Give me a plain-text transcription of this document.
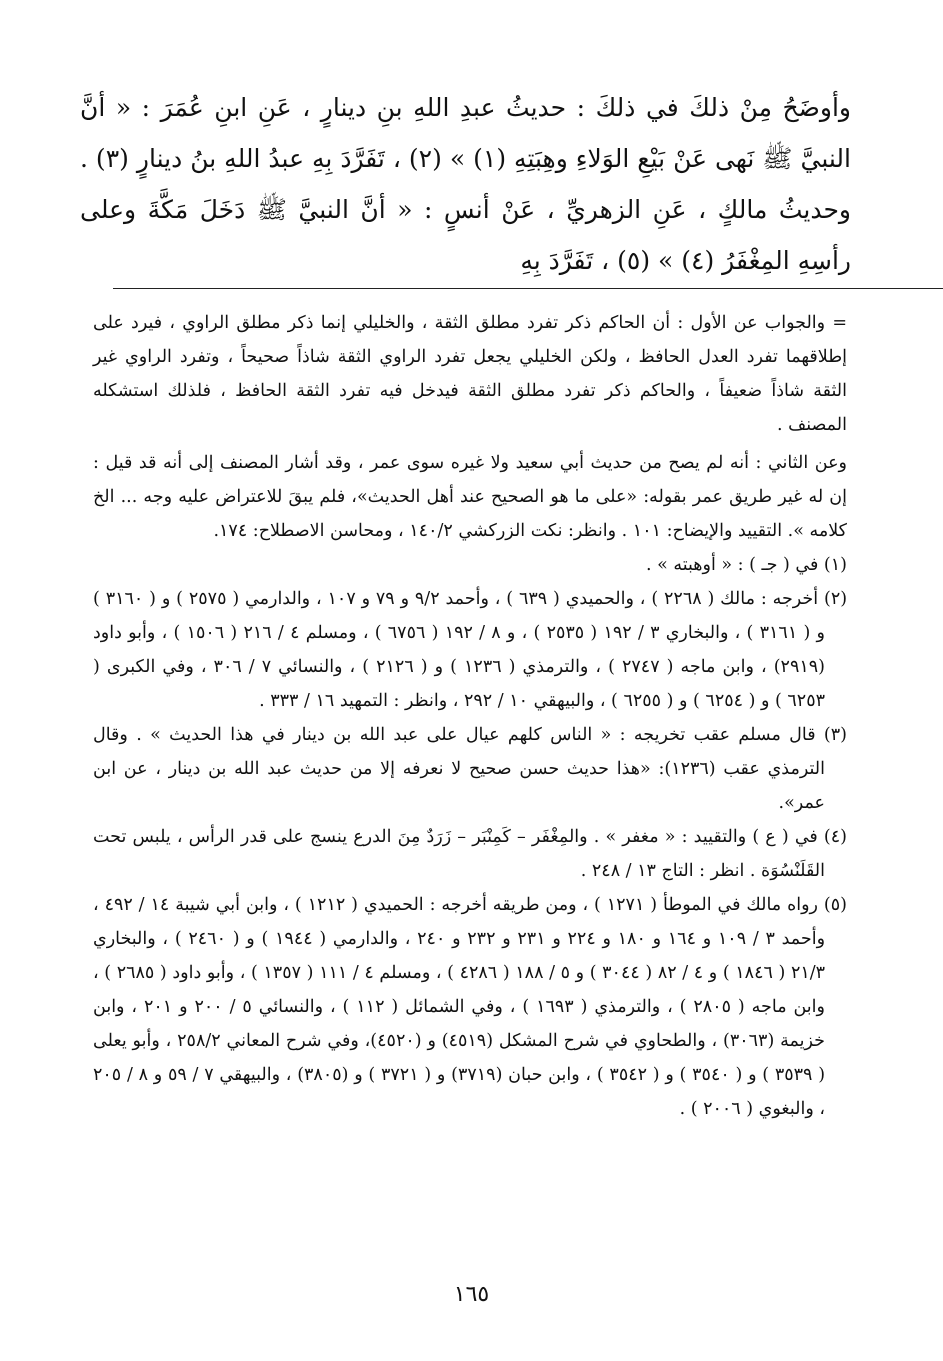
وأوضَحُ مِنْ ذلكَ في ذلكَ : حديثُ عبدِ اللهِ بنِ دينارٍ ، عَنِ ابنِ عُمَرَ : « أنَّ النبيَّ ﷺ نَهى عَنْ بَيْعِ الوَلاءِ وهِبَتِهِ (١) » (٢) ، تَفَرَّدَ بِهِ عبدُ اللهِ بنُ دينارٍ (٣) . وحديثُ مالكٍ ، عَنِ الزهريِّ ، عَنْ أنسٍ : « أنَّ النبيَّ ﷺ دَخَلَ مَكَّةَ وعلى رأسِهِ المِغْفَرُ (٤) » (٥) ، تَفَرَّدَ بِهِ

= والجواب عن الأول : أن الحاكم ذكر تفرد مطلق الثقة ، والخليلي إنما ذكر مطلق الراوي ، فيرد على إطلاقهما تفرد العدل الحافظ ، ولكن الخليلي يجعل تفرد الراوي الثقة شاذاً صحيحاً ، وتفرد الراوي غير الثقة شاذاً ضعيفاً ، والحاكم ذكر تفرد مطلق الثقة فيدخل فيه تفرد الثقة الحافظ ، فلذلك استشكله المصنف .

وعن الثاني : أنه لم يصح من حديث أبي سعيد ولا غيره سوى عمر ، وقد أشار المصنف إلى أنه قد قيل : إن له غير طريق عمر بقوله: «على ما هو الصحيح عند أهل الحديث»، فلم يبقَ للاعتراض عليه وجه ... الخ كلامه ». التقييد والإيضاح: ١٠١ . وانظر: نكت الزركشي ١٤٠/٢ ، ومحاسن الاصطلاح: ١٧٤.

(١) في ( جـ ) : « أوهبته » .

(٢) أخرجه : مالك ( ٢٢٦٨ ) ، والحميدي ( ٦٣٩ ) ، وأحمد ٩/٢ و ٧٩ و ١٠٧ ، والدارمي ( ٢٥٧٥ ) و ( ٣١٦٠ ) و ( ٣١٦١ ) ، والبخاري ٣ / ١٩٢ ( ٢٥٣٥ ) ، و ٨ / ١٩٢ ( ٦٧٥٦ ) ، ومسلم ٤ / ٢١٦ ( ١٥٠٦ ) ، وأبو داود (٢٩١٩) ، وابن ماجه ( ٢٧٤٧ ) ، والترمذي ( ١٢٣٦ ) و ( ٢١٢٦ ) ، والنسائي ٧ / ٣٠٦ ، وفي الكبرى ( ٦٢٥٣ ) و ( ٦٢٥٤ ) و ( ٦٢٥٥ ) ، والبيهقي ١٠ / ٢٩٢ ، وانظر : التمهيد ١٦ / ٣٣٣ .

(٣) قال مسلم عقب تخريجه : « الناس كلهم عيال على عبد الله بن دينار في هذا الحديث » . وقال الترمذي عقب (١٢٣٦): «هذا حديث حسن صحيح لا نعرفه إلا من حديث عبد الله بن دينار ، عن ابن عمر».

(٤) في ( ع ) والتقييد : « مغفر » . والمِغْفَر – كَمِنْبَر – زَرَدٌ مِنَ الدرع ينسج على قدر الرأس ، يلبس تحت القَلَنْسُوَة . انظر : التاج ١٣ / ٢٤٨ .

(٥) رواه مالك في الموطأ ( ١٢٧١ ) ، ومن طريقه أخرجه : الحميدي ( ١٢١٢ ) ، وابن أبي شيبة ١٤ / ٤٩٢ ، وأحمد ٣ / ١٠٩ و ١٦٤ و ١٨٠ و ٢٢٤ و ٢٣١ و ٢٣٢ و ٢٤٠ ، والدارمي ( ١٩٤٤ ) و ( ٢٤٦٠ ) ، والبخاري ٢١/٣ ( ١٨٤٦ ) و ٤ / ٨٢ ( ٣٠٤٤ ) و ٥ / ١٨٨ ( ٤٢٨٦ ) ، ومسلم ٤ / ١١١ ( ١٣٥٧ ) ، وأبو داود ( ٢٦٨٥ ) ، وابن ماجه ( ٢٨٠٥ ) ، والترمذي ( ١٦٩٣ ) ، وفي الشمائل ( ١١٢ ) ، والنسائي ٥ / ٢٠٠ و ٢٠١ ، وابن خزيمة (٣٠٦٣) ، والطحاوي في شرح المشكل (٤٥١٩) و (٤٥٢٠)، وفي شرح المعاني ٢٥٨/٢ ، وأبو يعلى ( ٣٥٣٩ ) و ( ٣٥٤٠ ) و ( ٣٥٤٢ ) ، وابن حبان (٣٧١٩) و ( ٣٧٢١ ) و (٣٨٠٥) ، والبيهقي ٧ / ٥٩ و ٨ / ٢٠٥ ، والبغوي ( ٢٠٠٦ ) .

١٦٥
